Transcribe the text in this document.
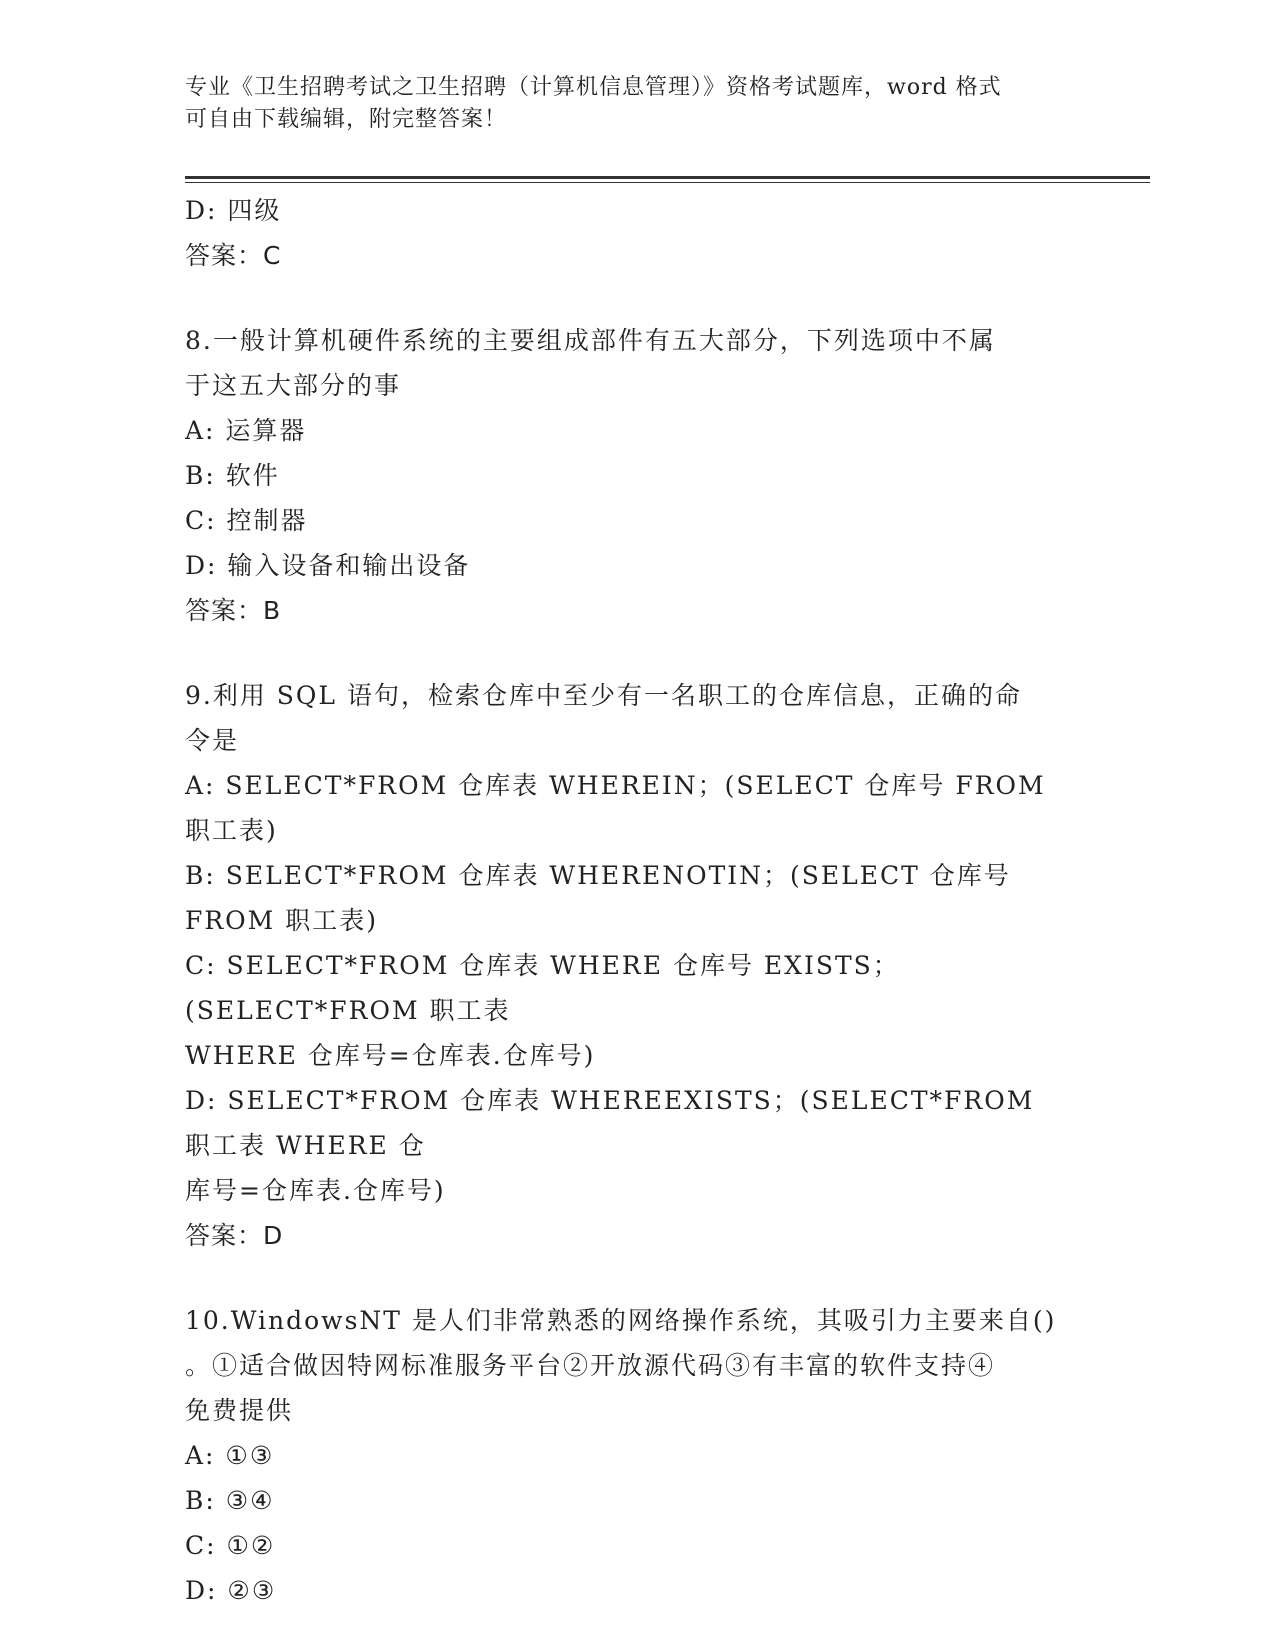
专业《卫生招聘考试之卫生招聘（计算机信息管理）》资格考试题库，word 格式
可自由下载编辑，附完整答案！
D: 四级
答案：C
8.一般计算机硬件系统的主要组成部件有五大部分，下列选项中不属
于这五大部分的事
A: 运算器
B: 软件
C: 控制器
D: 输入设备和输出设备
答案：B
9.利用 SQL 语句，检索仓库中至少有一名职工的仓库信息，正确的命
令是
A: SELECT*FROM 仓库表 WHEREIN；(SELECT 仓库号 FROM 职工表)
B: SELECT*FROM 仓库表 WHERENOTIN；(SELECT 仓库号 FROM 职工表)
C: SELECT*FROM 仓库表 WHERE 仓库号 EXISTS；(SELECT*FROM 职工表
WHERE 仓库号=仓库表.仓库号)
D: SELECT*FROM 仓库表 WHEREEXISTS；(SELECT*FROM 职工表 WHERE 仓
库号=仓库表.仓库号)
答案：D
10.WindowsNT 是人们非常熟悉的网络操作系统，其吸引力主要来自()
。①适合做因特网标准服务平台②开放源代码③有丰富的软件支持④
免费提供
A: ①③
B: ③④
C: ①②
D: ②③
